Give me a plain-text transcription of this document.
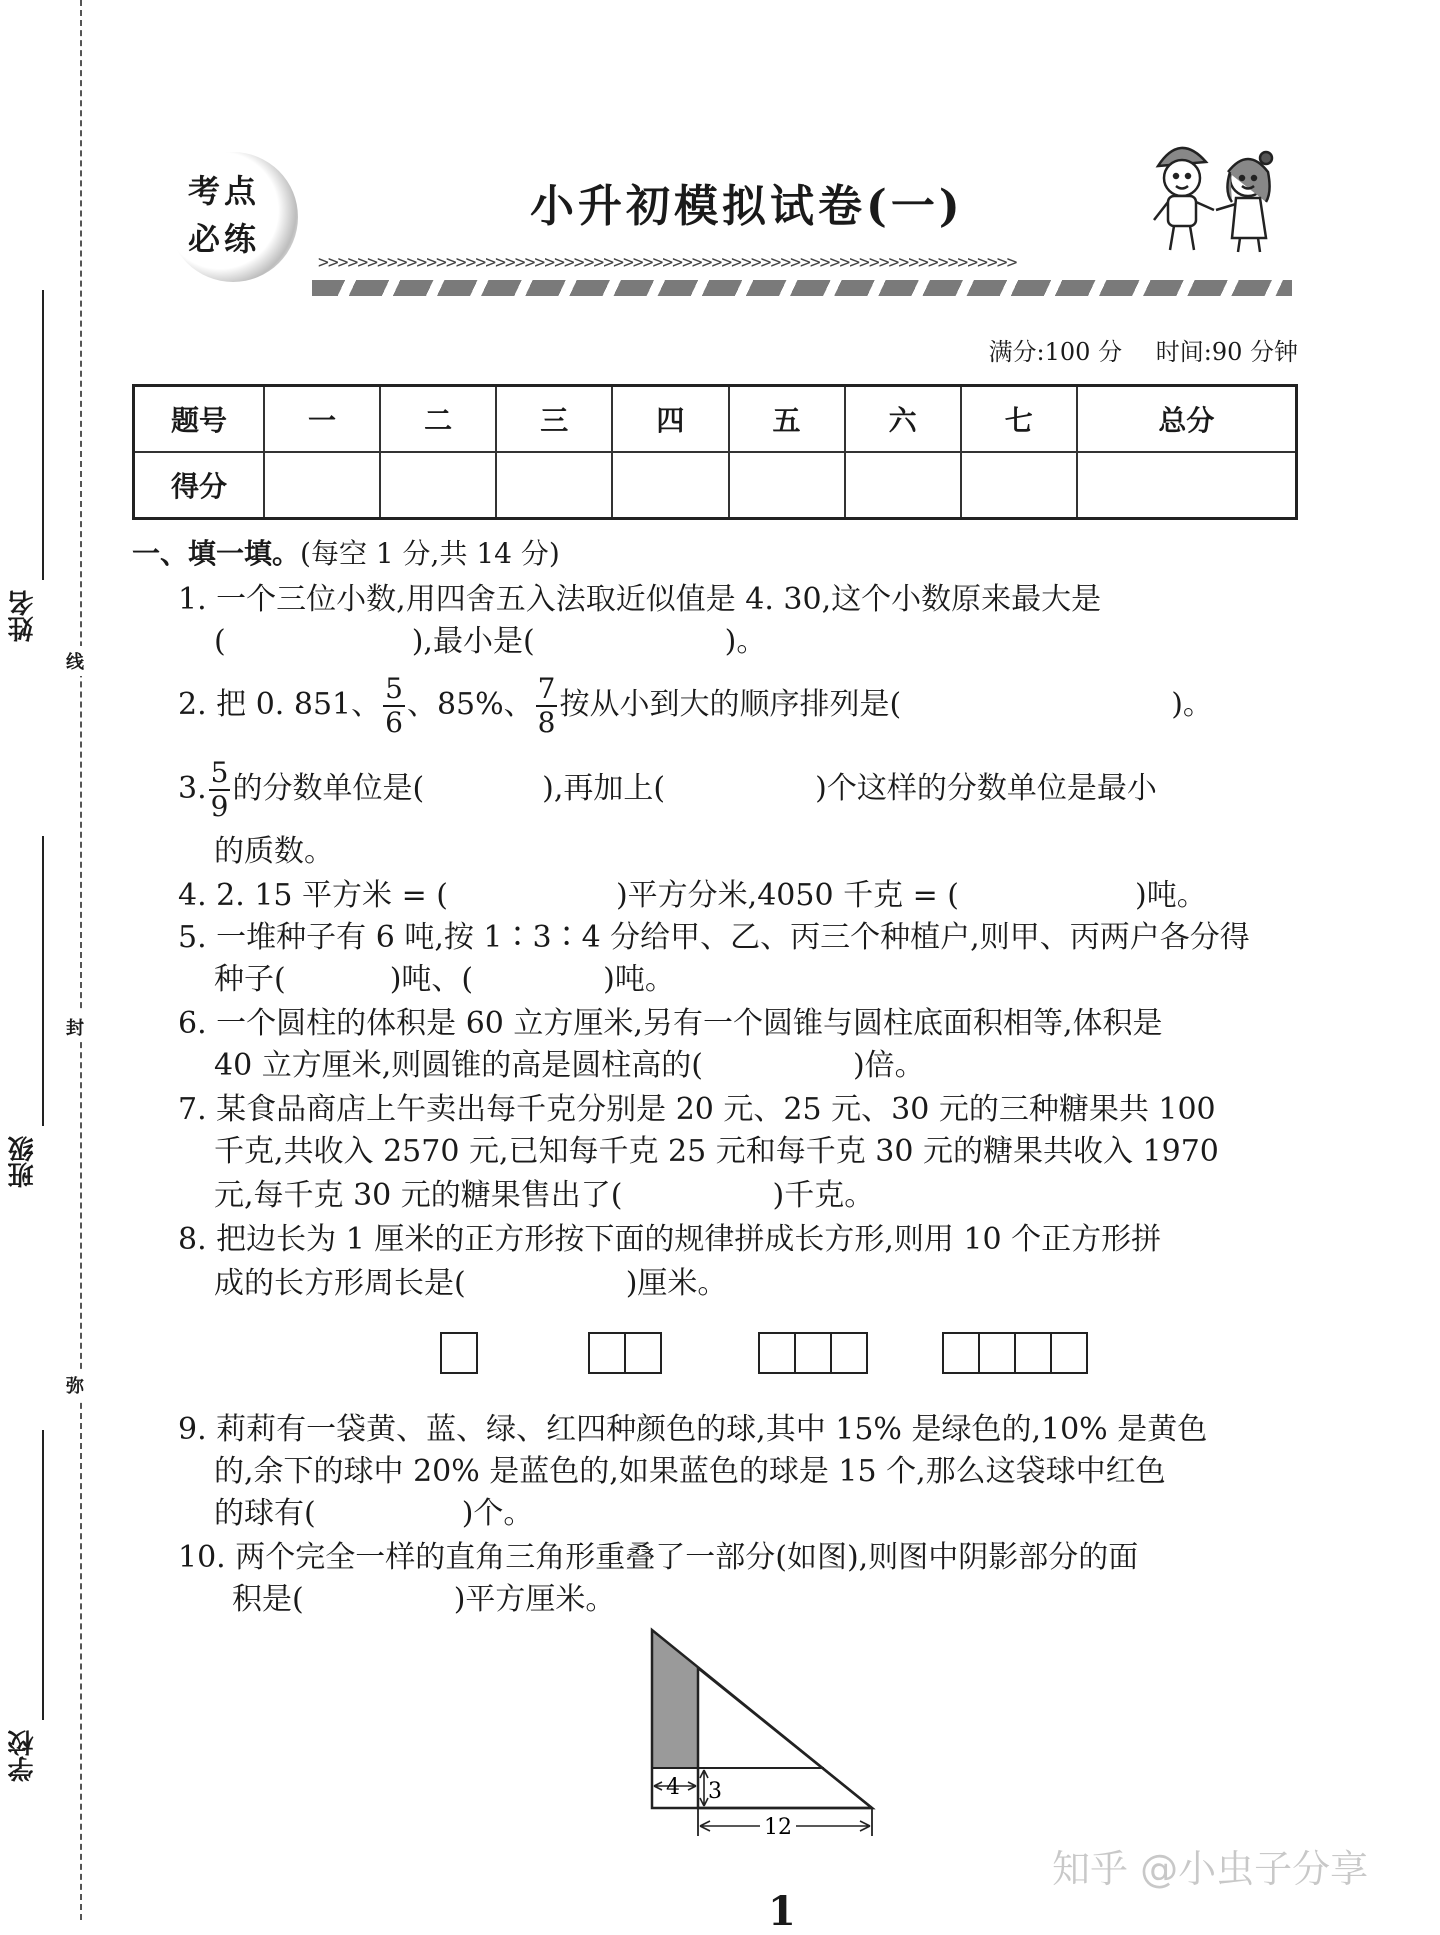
线
封
弥
姓名
班级
学校
考点
必练
小升初模拟试卷(一)
>>>>>>>>>>>>>>>>>>>>>>>>>>>>>>>>>>>>>>>>>>>>>>>>>>>>>>>>>>>>>>>>>>>>>>>
满分:100 分 时间:90 分钟
题号	一	二	三	四	五	六	七	总分
得分								
一、填一填。(每空 1 分,共 14 分)
1. 一个三位小数,用四舍五入法取近似值是 4. 30,这个小数原来最大是
(	),最小是(	)。
2. 把 0. 851、 $\frac{5}{6}$ 、85%、 $\frac{7}{8}$ 按从小到大的顺序排列是(	)。
3. $\frac{5}{9}$ 的分数单位是(	),再加上(	)个这样的分数单位是最小
的质数。
4. 2. 15 平方米 = (	)平方分米,4050 千克 = (	)吨。
5. 一堆种子有 6 吨,按 1∶3∶4 分给甲、乙、丙三个种植户,则甲、丙两户各分得
种子(	)吨、(	)吨。
6. 一个圆柱的体积是 60 立方厘米,另有一个圆锥与圆柱底面积相等,体积是
40 立方厘米,则圆锥的高是圆柱高的(	)倍。
7. 某食品商店上午卖出每千克分别是 20 元、25 元、30 元的三种糖果共 100
千克,共收入 2570 元,已知每千克 25 元和每千克 30 元的糖果共收入 1970
元,每千克 30 元的糖果售出了(	)千克。
8. 把边长为 1 厘米的正方形按下面的规律拼成长方形,则用 10 个正方形拼
成的长方形周长是(	)厘米。
9. 莉莉有一袋黄、蓝、绿、红四种颜色的球,其中 15% 是绿色的,10% 是黄色
的,余下的球中 20% 是蓝色的,如果蓝色的球是 15 个,那么这袋球中红色
的球有(	)个。
10. 两个完全一样的直角三角形重叠了一部分(如图),则图中阴影部分的面
积是(	)平方厘米。
4 3
12
知乎 @小虫子分享
1
